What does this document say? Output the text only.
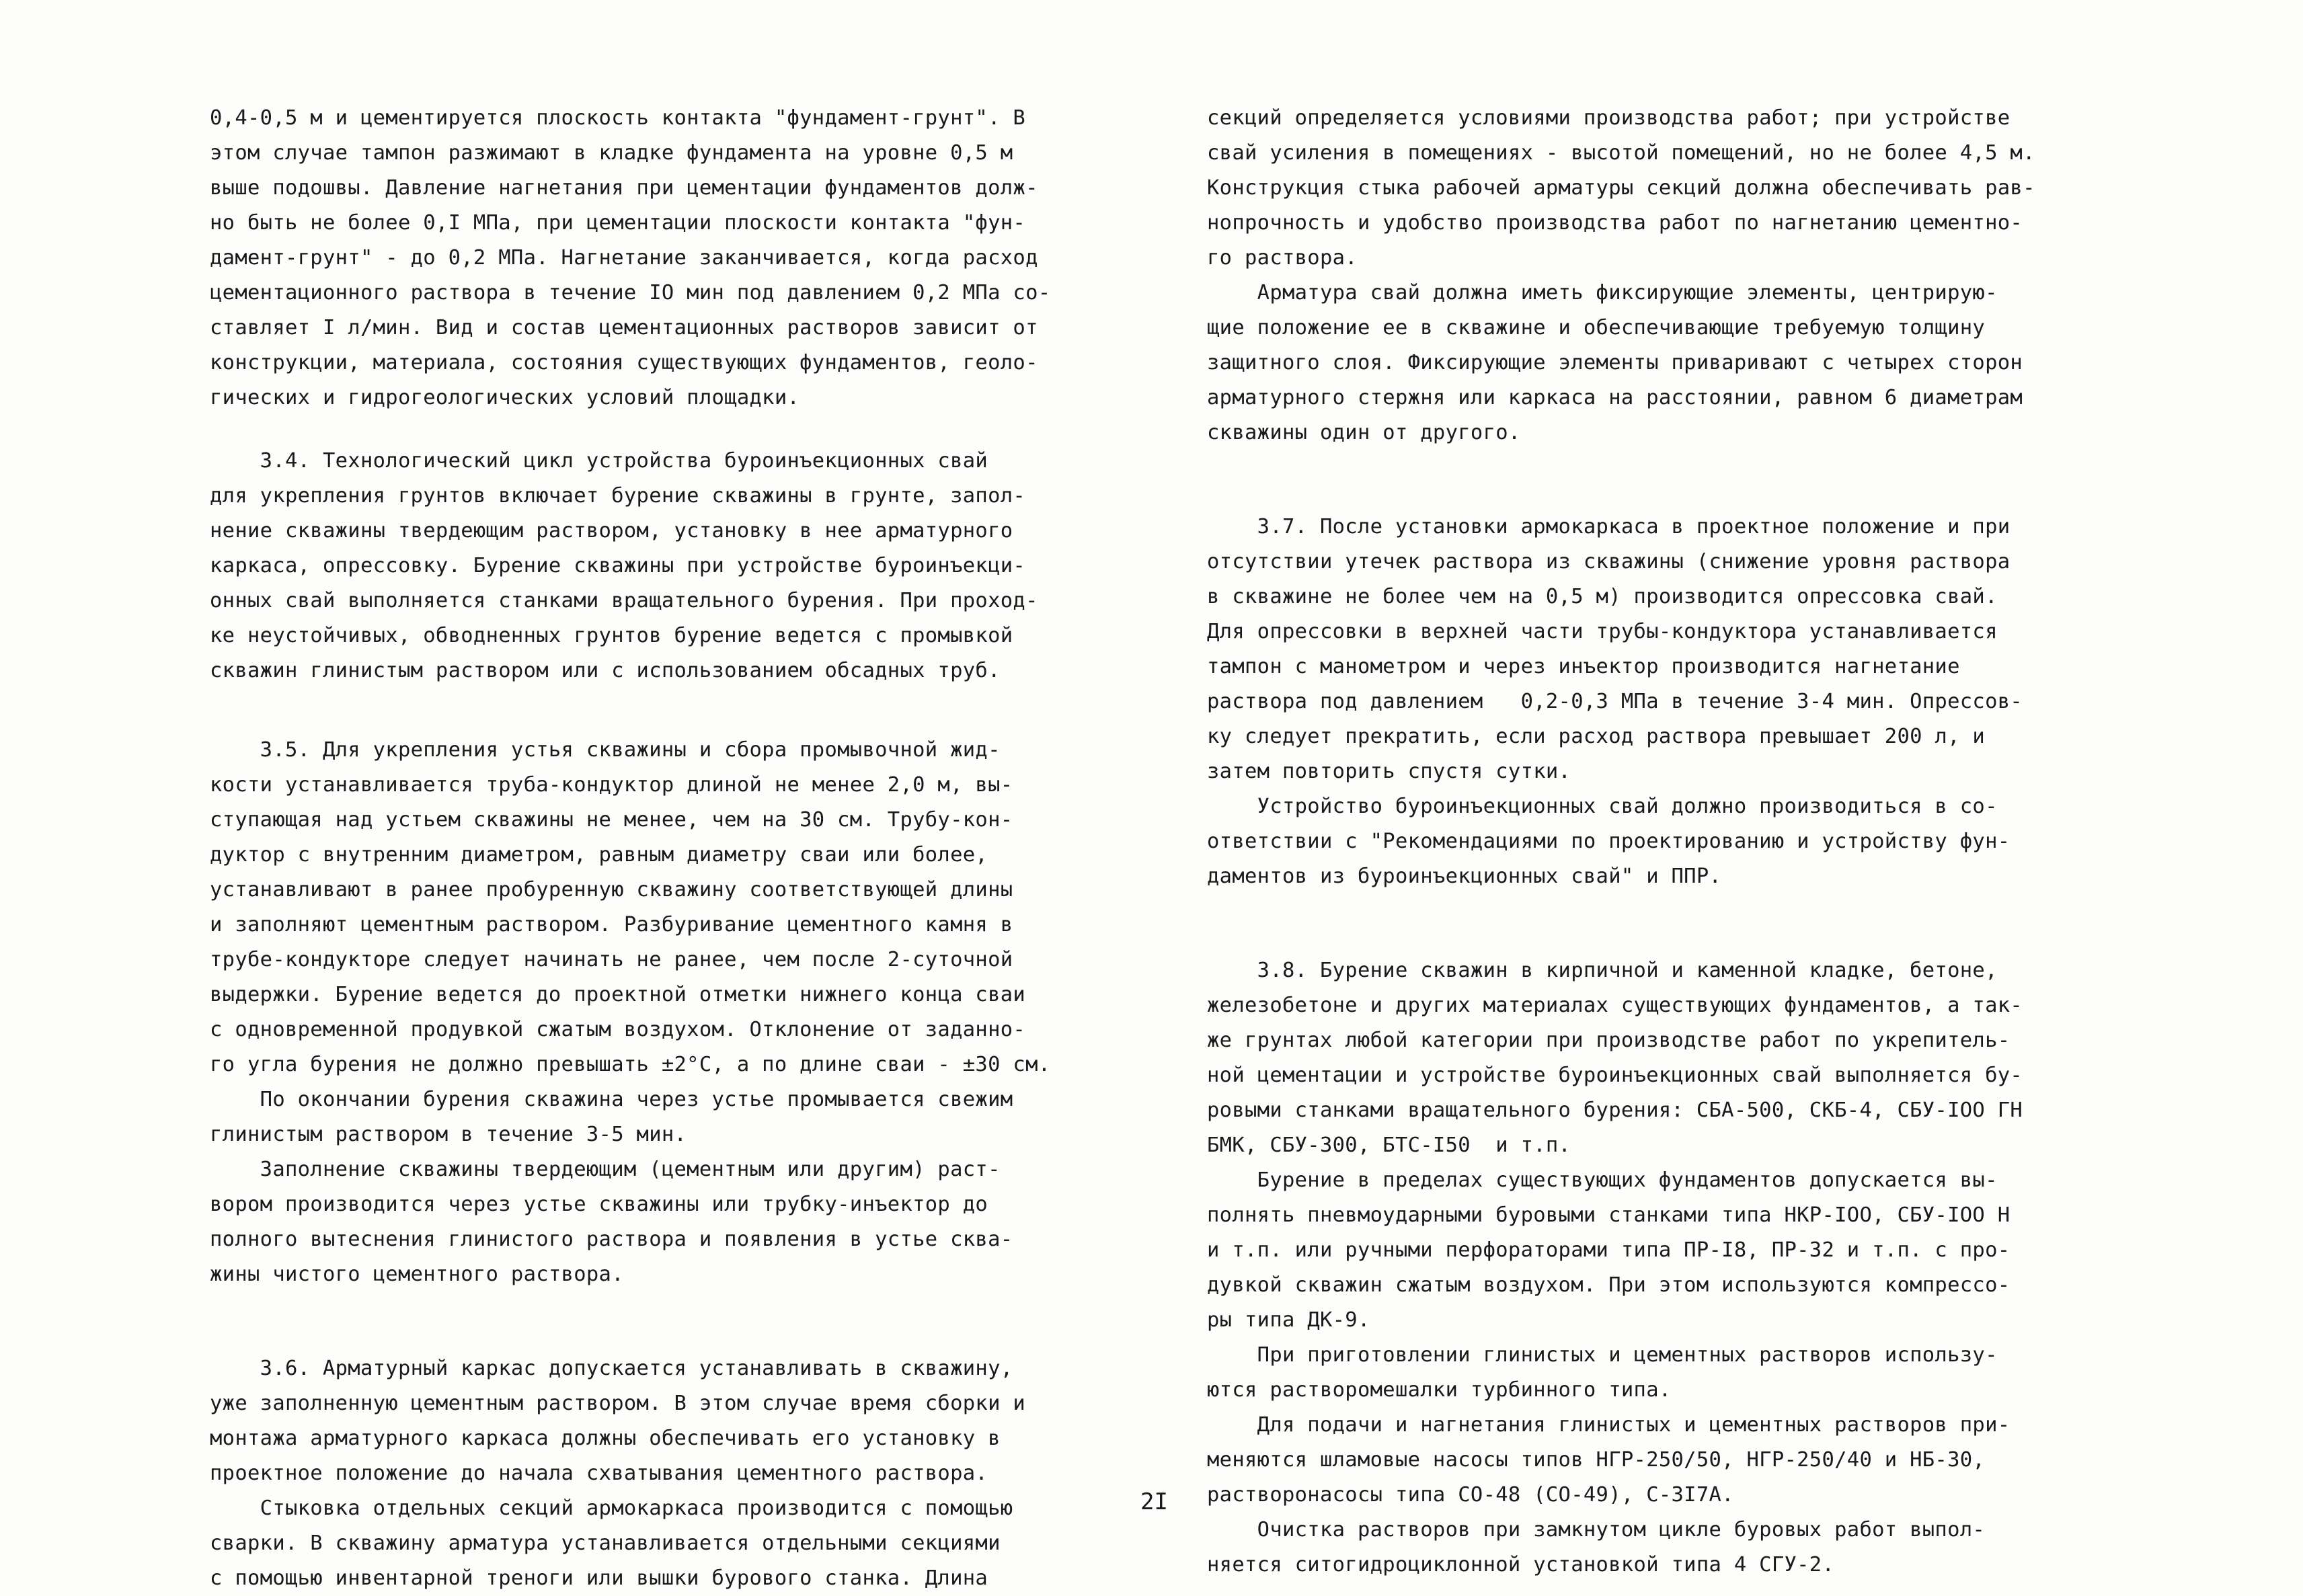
0,4-0,5 м и цементируется плоскость контакта "фундамент-грунт". В
этом случае тампон разжимают в кладке фундамента на уровне 0,5 м
выше подошвы. Давление нагнетания при цементации фундаментов долж-
но быть не более 0,I МПа, при цементации плоскости контакта "фун-
дамент-грунт" - до 0,2 МПа. Нагнетание заканчивается, когда расход
цементационного раствора в течение IO мин под давлением 0,2 МПа со-
ставляет I л/мин. Вид и состав цементационных растворов зависит от
конструкции, материала, состояния существующих фундаментов, геоло-
гических и гидрогеологических условий площадки.
3.4. Технологический цикл устройства буроинъекционных свай
для укрепления грунтов включает бурение скважины в грунте, запол-
нение скважины твердеющим раствором, установку в нее арматурного
каркаса, опрессовку. Бурение скважины при устройстве буроинъекци-
онных свай выполняется станками вращательного бурения. При проход-
ке неустойчивых, обводненных грунтов бурение ведется с промывкой
скважин глинистым раствором или с использованием обсадных труб.
3.5. Для укрепления устья скважины и сбора промывочной жид-
кости устанавливается труба-кондуктор длиной не менее 2,0 м, вы-
ступающая над устьем скважины не менее, чем на 30 см. Трубу-кон-
дуктор с внутренним диаметром, равным диаметру сваи или более,
устанавливают в ранее пробуренную скважину соответствующей длины
и заполняют цементным раствором. Разбуривание цементного камня в
трубе-кондукторе следует начинать не ранее, чем после 2-суточной
выдержки. Бурение ведется до проектной отметки нижнего конца сваи
с одновременной продувкой сжатым воздухом. Отклонение от заданно-
го угла бурения не должно превышать ±2°С, а по длине сваи - ±30 см.
По окончании бурения скважина через устье промывается свежим
глинистым раствором в течение 3-5 мин.
Заполнение скважины твердеющим (цементным или другим) раст-
вором производится через устье скважины или трубку-инъектор до
полного вытеснения глинистого раствора и появления в устье сква-
жины чистого цементного раствора.
3.6. Арматурный каркас допускается устанавливать в скважину,
уже заполненную цементным раствором. В этом случае время сборки и
монтажа арматурного каркаса должны обеспечивать его установку в
проектное положение до начала схватывания цементного раствора.
Стыковка отдельных секций армокаркаса производится с помощью
сварки. В скважину арматура устанавливается отдельными секциями
с помощью инвентарной треноги или вышки бурового станка. Длина
секций определяется условиями производства работ; при устройстве
свай усиления в помещениях - высотой помещений, но не более 4,5 м.
Конструкция стыка рабочей арматуры секций должна обеспечивать рав-
нопрочность и удобство производства работ по нагнетанию цементно-
го раствора.
Арматура свай должна иметь фиксирующие элементы, центрирую-
щие положение ее в скважине и обеспечивающие требуемую толщину
защитного слоя. Фиксирующие элементы приваривают с четырех сторон
арматурного стержня или каркаса на расстоянии, равном 6 диаметрам
скважины один от другого.
3.7. После установки армокаркаса в проектное положение и при
отсутствии утечек раствора из скважины (снижение уровня раствора
в скважине не более чем на 0,5 м) производится опрессовка свай.
Для опрессовки в верхней части трубы-кондуктора устанавливается
тампон с манометром и через инъектор производится нагнетание
раствора под давлением   0,2-0,3 МПа в течение 3-4 мин. Опрессов-
ку следует прекратить, если расход раствора превышает 200 л, и
затем повторить спустя сутки.
Устройство буроинъекционных свай должно производиться в со-
ответствии с "Рекомендациями по проектированию и устройству фун-
даментов из буроинъекционных свай" и ППР.
3.8. Бурение скважин в кирпичной и каменной кладке, бетоне,
железобетоне и других материалах существующих фундаментов, а так-
же грунтах любой категории при производстве работ по укрепитель-
ной цементации и устройстве буроинъекционных свай выполняется бу-
ровыми станками вращательного бурения: СБА-500, СКБ-4, СБУ-IOO ГН
БМК, СБУ-300, БТС-I50  и т.п.
Бурение в пределах существующих фундаментов допускается вы-
полнять пневмоударными буровыми станками типа НКР-IOO, СБУ-IOO Н
и т.п. или ручными перфораторами типа ПР-I8, ПР-32 и т.п. с про-
дувкой скважин сжатым воздухом. При этом используются компрессо-
ры типа ДК-9.
При приготовлении глинистых и цементных растворов использу-
ются растворомешалки турбинного типа.
Для подачи и нагнетания глинистых и цементных растворов при-
меняются шламовые насосы типов НГР-250/50, НГР-250/40 и НБ-30,
растворонасосы типа СО-48 (СО-49), С-3I7А.
Очистка растворов при замкнутом цикле буровых работ выпол-
няется ситогидроциклонной установкой типа 4 СГУ-2.
2I
